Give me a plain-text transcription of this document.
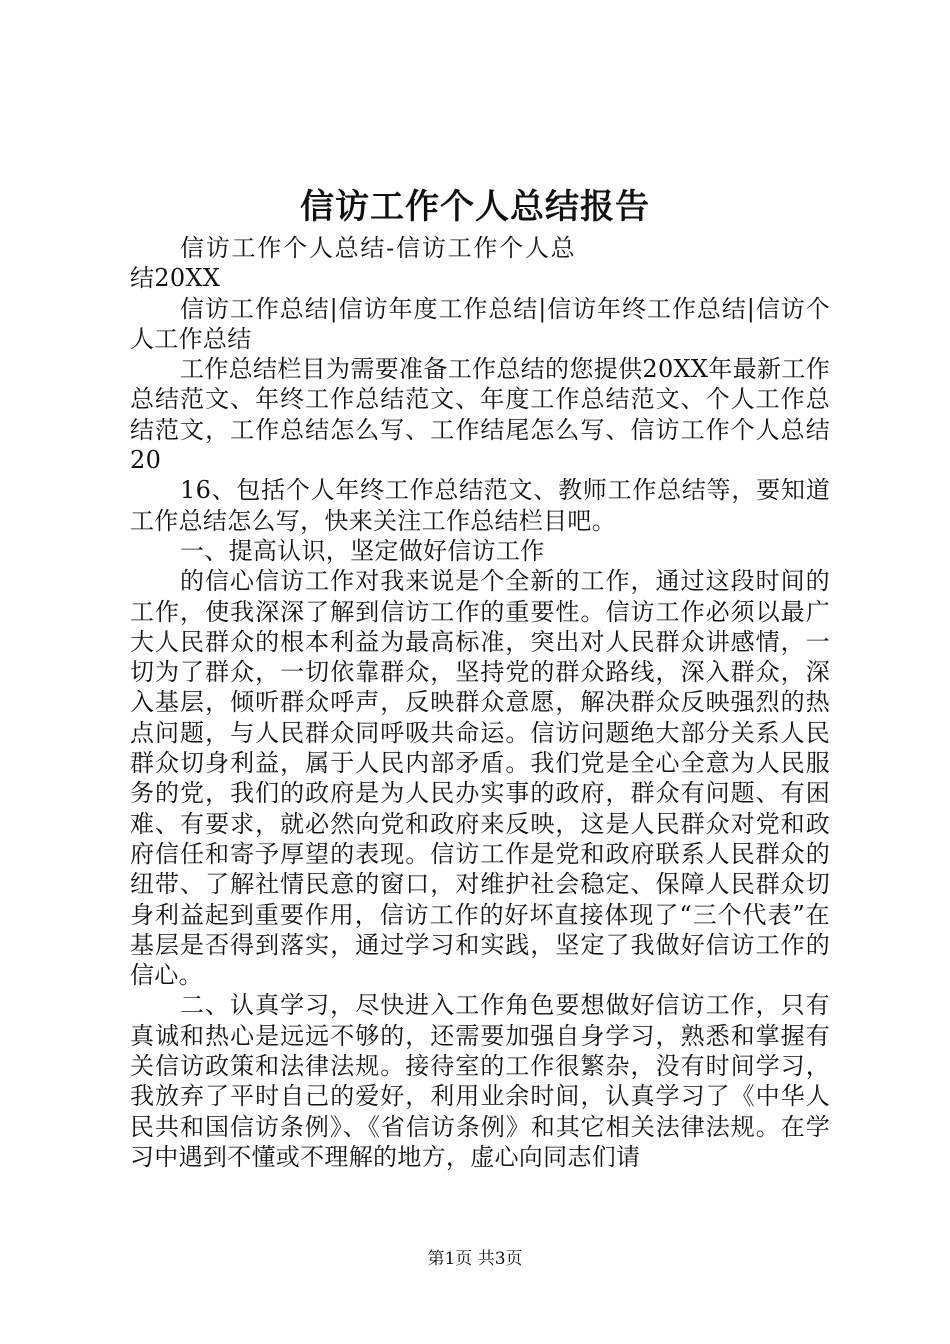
信访工作个人总结报告

信访工作个人总结-信访工作个人总结20XX

信访工作总结|信访年度工作总结|信访年终工作总结|信访个人工作总结

工作总结栏目为需要准备工作总结的您提供20XX年最新工作总结范文、年终工作总结范文、年度工作总结范文、个人工作总结范文，工作总结怎么写、工作结尾怎么写、信访工作个人总结20

16、包括个人年终工作总结范文、教师工作总结等，要知道工作总结怎么写，快来关注工作总结栏目吧。

一、提高认识，坚定做好信访工作

的信心信访工作对我来说是个全新的工作，通过这段时间的工作，使我深深了解到信访工作的重要性。信访工作必须以最广大人民群众的根本利益为最高标准，突出对人民群众讲感情，一切为了群众，一切依靠群众，坚持党的群众路线，深入群众，深入基层，倾听群众呼声，反映群众意愿，解决群众反映强烈的热点问题，与人民群众同呼吸共命运。信访问题绝大部分关系人民群众切身利益，属于人民内部矛盾。我们党是全心全意为人民服务的党，我们的政府是为人民办实事的政府，群众有问题、有困难、有要求，就必然向党和政府来反映，这是人民群众对党和政府信任和寄予厚望的表现。信访工作是党和政府联系人民群众的纽带、了解社情民意的窗口，对维护社会稳定、保障人民群众切身利益起到重要作用，信访工作的好坏直接体现了“三个代表”在基层是否得到落实，通过学习和实践，坚定了我做好信访工作的信心。

二、认真学习，尽快进入工作角色要想做好信访工作，只有真诚和热心是远远不够的，还需要加强自身学习，熟悉和掌握有关信访政策和法律法规。接待室的工作很繁杂，没有时间学习，我放弃了平时自己的爱好，利用业余时间，认真学习了《中华人民共和国信访条例》、《省信访条例》和其它相关法律法规。在学习中遇到不懂或不理解的地方，虚心向同志们请

第1页 共3页
